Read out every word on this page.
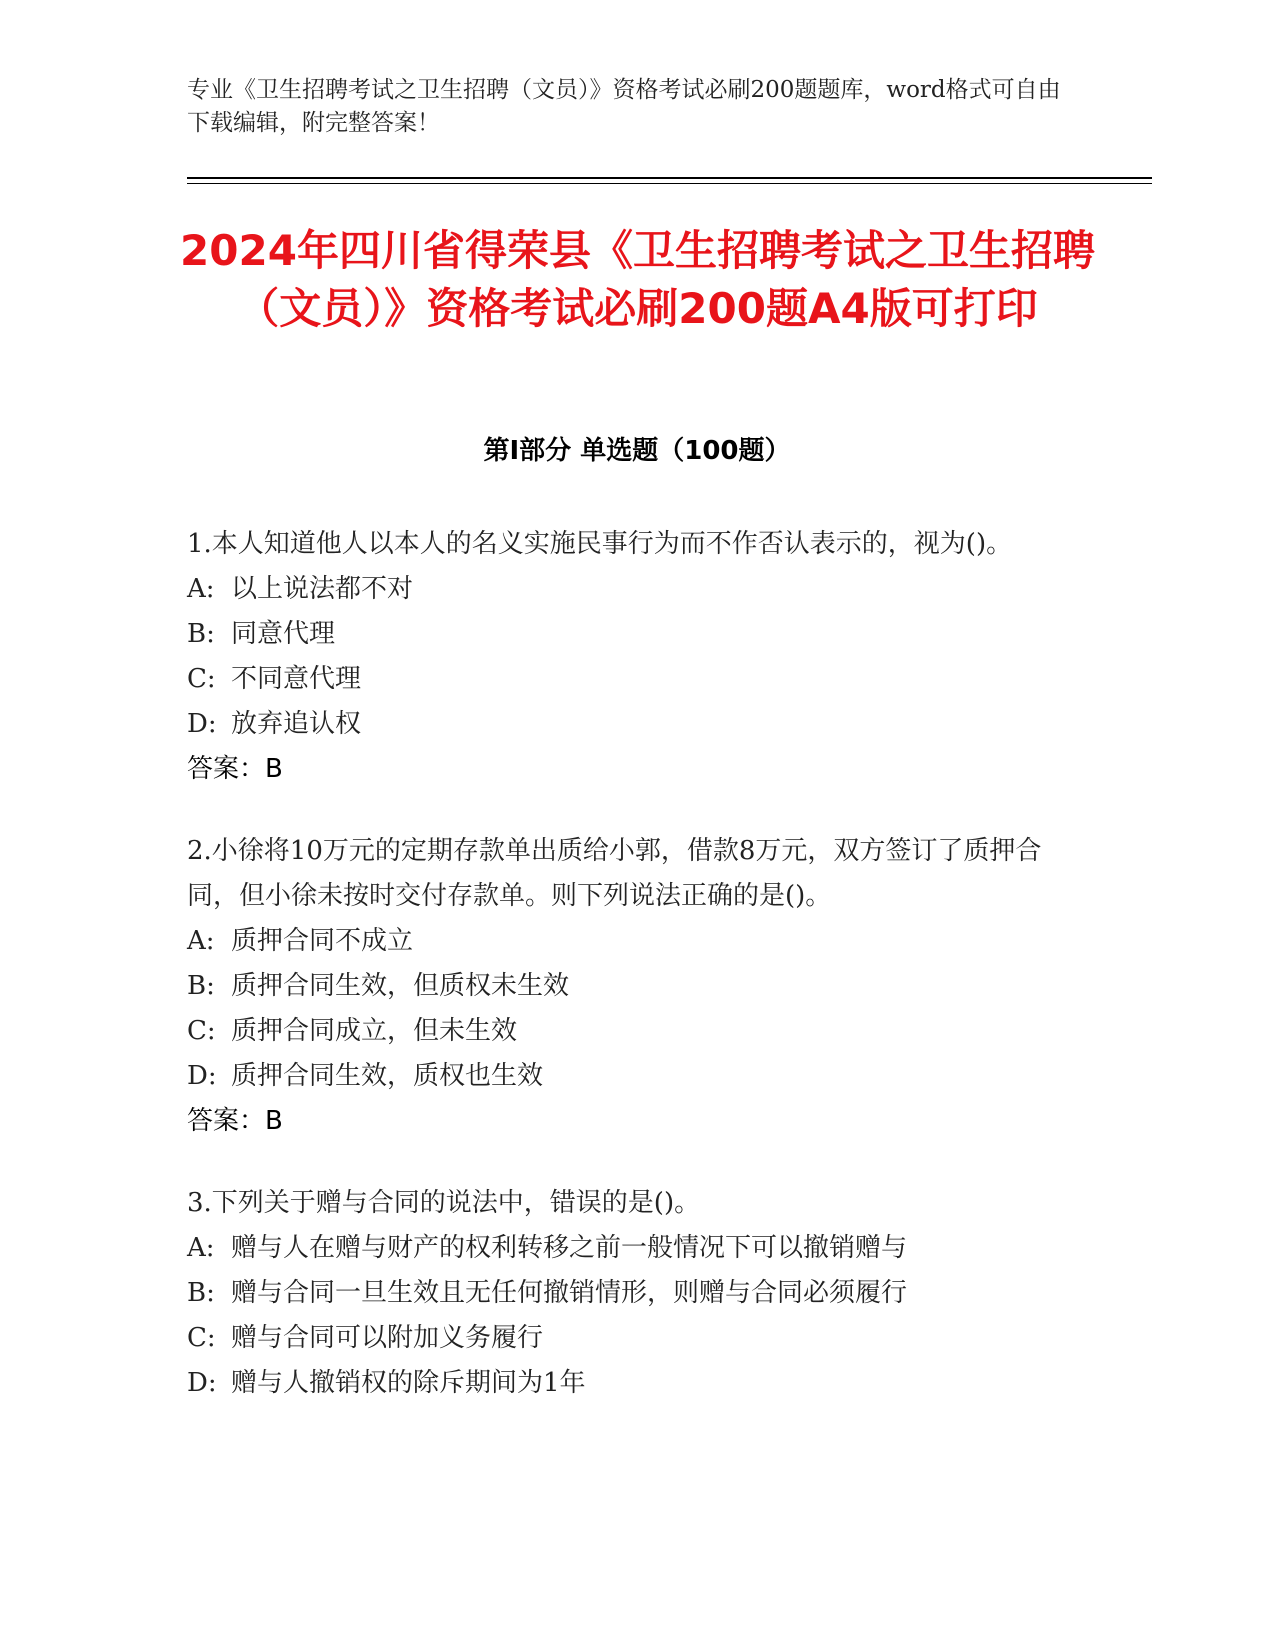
专业《卫生招聘考试之卫生招聘（文员）》资格考试必刷200题题库，word格式可自由下载编辑，附完整答案！
2024年四川省得荣县《卫生招聘考试之卫生招聘（文员）》资格考试必刷200题A4版可打印
第I部分 单选题（100题）

1.本人知道他人以本人的名义实施民事行为而不作否认表示的，视为()。

A: 以上说法都不对
B: 同意代理
C: 不同意代理
D: 放弃追认权

答案：B

2.小徐将10万元的定期存款单出质给小郭，借款8万元，双方签订了质押合同，但小徐未按时交付存款单。则下列说法正确的是()。

A: 质押合同不成立
B: 质押合同生效，但质权未生效
C: 质押合同成立，但未生效
D: 质押合同生效，质权也生效

答案：B

3.下列关于赠与合同的说法中，错误的是()。

A: 赠与人在赠与财产的权利转移之前一般情况下可以撤销赠与
B: 赠与合同一旦生效且无任何撤销情形，则赠与合同必须履行
C: 赠与合同可以附加义务履行
D: 赠与人撤销权的除斥期间为1年
